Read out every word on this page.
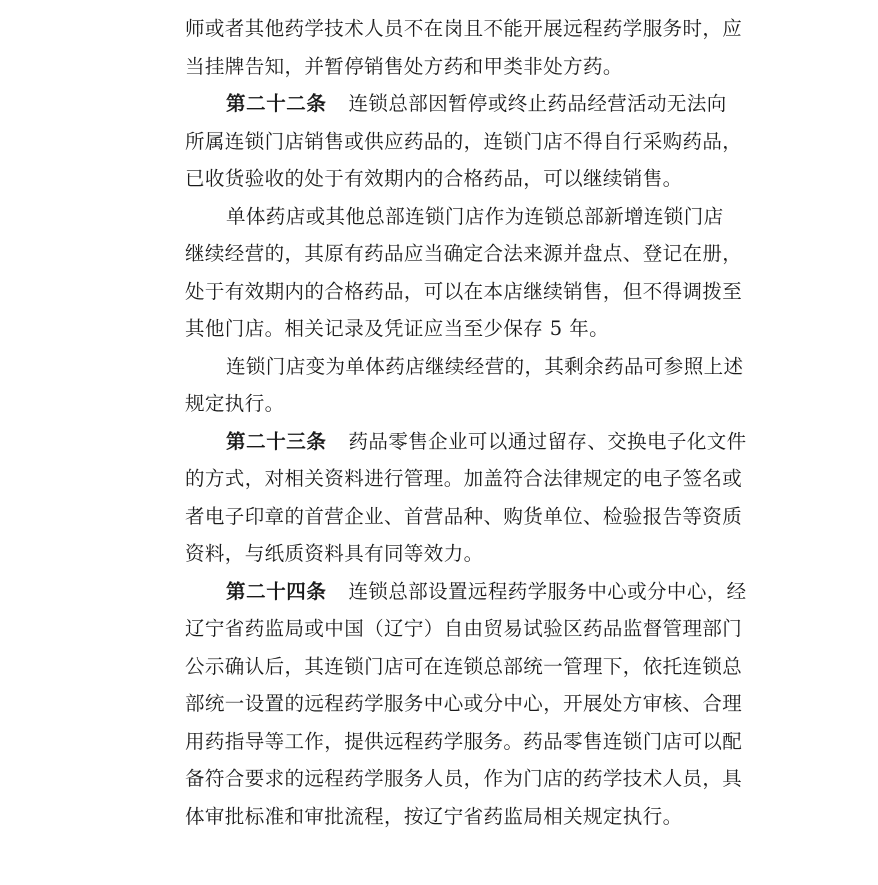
师或者其他药学技术人员不在岗且不能开展远程药学服务时，应
当挂牌告知，并暂停销售处方药和甲类非处方药。
第二十二条 连锁总部因暂停或终止药品经营活动无法向
所属连锁门店销售或供应药品的，连锁门店不得自行采购药品，
已收货验收的处于有效期内的合格药品，可以继续销售。
单体药店或其他总部连锁门店作为连锁总部新增连锁门店
继续经营的，其原有药品应当确定合法来源并盘点、登记在册，
处于有效期内的合格药品，可以在本店继续销售，但不得调拨至
其他门店。相关记录及凭证应当至少保存 5 年。
连锁门店变为单体药店继续经营的，其剩余药品可参照上述
规定执行。
第二十三条 药品零售企业可以通过留存、交换电子化文件
的方式，对相关资料进行管理。加盖符合法律规定的电子签名或
者电子印章的首营企业、首营品种、购货单位、检验报告等资质
资料，与纸质资料具有同等效力。
第二十四条 连锁总部设置远程药学服务中心或分中心，经
辽宁省药监局或中国（辽宁）自由贸易试验区药品监督管理部门
公示确认后，其连锁门店可在连锁总部统一管理下，依托连锁总
部统一设置的远程药学服务中心或分中心，开展处方审核、合理
用药指导等工作，提供远程药学服务。药品零售连锁门店可以配
备符合要求的远程药学服务人员，作为门店的药学技术人员，具
体审批标准和审批流程，按辽宁省药监局相关规定执行。
